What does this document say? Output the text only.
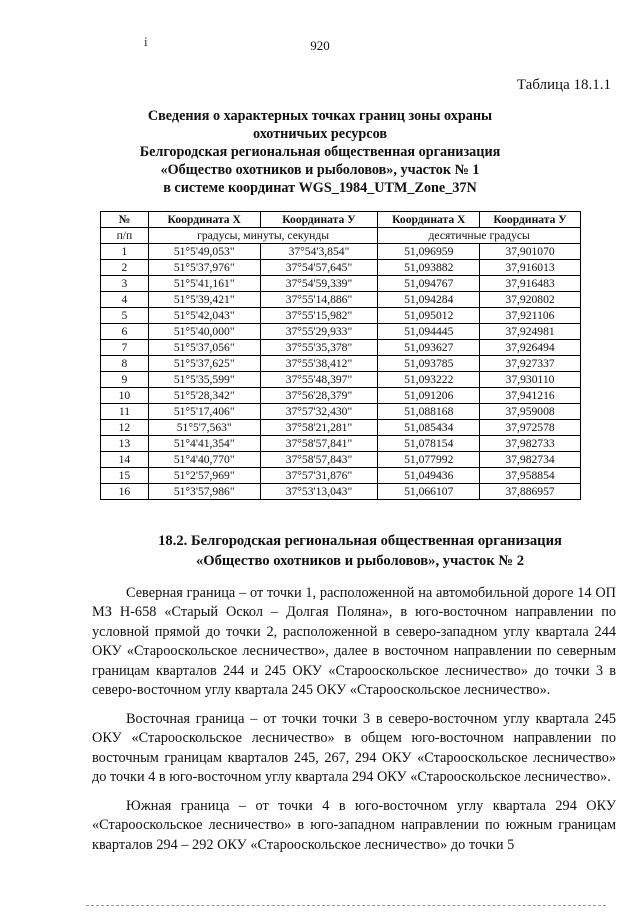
920
i
Таблица 18.1.1
Сведения о характерных точках границ зоны охраны
охотничьих ресурсов
Белгородская региональная общественная организация
«Общество охотников и рыболовов», участок № 1
в системе координат WGS_1984_UTM_Zone_37N
№	Координата X	Координата У	Координата X	Координата У
п/п	градусы, минуты, секунды		десятичные градусы	
1	51°5'49,053"	37°54'3,854"	51,096959	37,901070
2	51°5'37,976"	37°54'57,645"	51,093882	37,916013
3	51°5'41,161"	37°54'59,339"	51,094767	37,916483
4	51°5'39,421"	37°55'14,886"	51,094284	37,920802
5	51°5'42,043"	37°55'15,982"	51,095012	37,921106
6	51°5'40,000"	37°55'29,933"	51,094445	37,924981
7	51°5'37,056"	37°55'35,378"	51,093627	37,926494
8	51°5'37,625"	37°55'38,412"	51,093785	37,927337
9	51°5'35,599"	37°55'48,397"	51,093222	37,930110
10	51°5'28,342"	37°56'28,379"	51,091206	37,941216
11	51°5'17,406"	37°57'32,430"	51,088168	37,959008
12	51°5'7,563"	37°58'21,281"	51,085434	37,972578
13	51°4'41,354"	37°58'57,841"	51,078154	37,982733
14	51°4'40,770"	37°58'57,843"	51,077992	37,982734
15	51°2'57,969"	37°57'31,876"	51,049436	37,958854
16	51°3'57,986"	37°53'13,043"	51,066107	37,886957
18.2. Белгородская региональная общественная организация
«Общество охотников и рыболовов», участок № 2

Северная граница – от точки 1, расположенной на автомобильной дороге 14 ОП МЗ Н-658 «Старый Оскол – Долгая Поляна», в юго-восточном направлении по условной прямой до точки 2, расположенной в северо-западном углу квартала 244 ОКУ «Старооскольское лесничество», далее в восточном направлении по северным границам кварталов 244 и 245 ОКУ «Старооскольское лесничество» до точки 3 в северо-восточном углу квартала 245 ОКУ «Старооскольское лесничество».

Восточная граница – от точки точки 3 в северо-восточном углу квартала 245 ОКУ «Старооскольское лесничество» в общем юго-восточном направлении по восточным границам кварталов 245, 267, 294 ОКУ «Старооскольское лесничество» до точки 4 в юго-восточном углу квартала 294 ОКУ «Старооскольское лесничество».

Южная граница – от точки 4 в юго-восточном углу квартала 294 ОКУ «Старооскольское лесничество» в юго-западном направлении по южным границам кварталов 294 – 292 ОКУ «Старооскольское лесничество» до точки 5
